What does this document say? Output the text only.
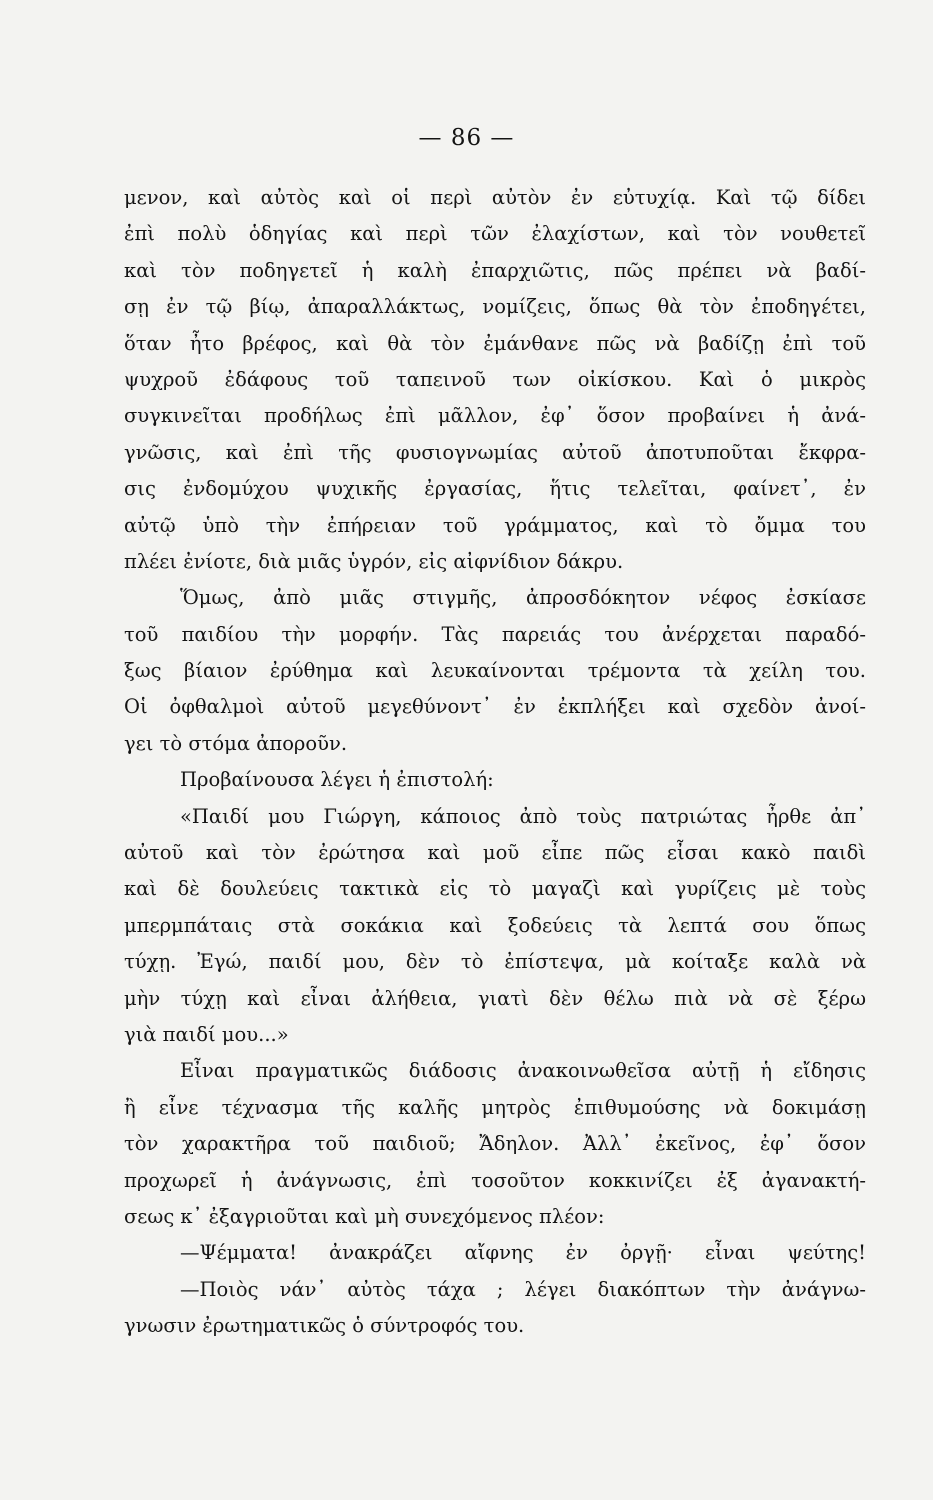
— 86 —
μενον, καὶ αὐτὸς καὶ οἱ περὶ αὐτὸν ἐν εὐτυχίᾳ. Καὶ τῷ δίδει
ἐπὶ πολὺ ὁδηγίας καὶ περὶ τῶν ἐλαχίστων, καὶ τὸν νουθετεῖ
καὶ τὸν ποδηγετεῖ ἡ καλὴ ἐπαρχιῶτις, πῶς πρέπει νὰ βαδί-
σῃ ἐν τῷ βίῳ, ἀπαραλλάκτως, νομίζεις, ὅπως θὰ τὸν ἐποδηγέτει,
ὅταν ἦτο βρέφος, καὶ θὰ τὸν ἐμάνθανε πῶς νὰ βαδίζῃ ἐπὶ τοῦ
ψυχροῦ ἐδάφους τοῦ ταπεινοῦ των οἰκίσκου. Καὶ ὁ μικρὸς
συγκινεῖται προδήλως ἐπὶ μᾶλλον, ἐφ᾽ ὅσον προβαίνει ἡ ἀνά-
γνῶσις, καὶ ἐπὶ τῆς φυσιογνωμίας αὐτοῦ ἀποτυποῦται ἔκφρα-
σις ἐνδομύχου ψυχικῆς ἐργασίας, ἥτις τελεῖται, φαίνετ᾽, ἐν
αὐτῷ ὑπὸ τὴν ἐπήρειαν τοῦ γράμματος, καὶ τὸ ὄμμα του
πλέει ἐνίοτε, διὰ μιᾶς ὑγρόν, εἰς αἰφνίδιον δάκρυ.
Ὅμως, ἀπὸ μιᾶς στιγμῆς, ἀπροσδόκητον νέφος ἐσκίασε
τοῦ παιδίου τὴν μορφήν. Τὰς παρειάς του ἀνέρχεται παραδό-
ξως βίαιον ἐρύθημα καὶ λευκαίνονται τρέμοντα τὰ χείλη του.
Οἱ ὀφθαλμοὶ αὐτοῦ μεγεθύνοντ᾽ ἐν ἐκπλήξει καὶ σχεδὸν ἀνοί-
γει τὸ στόμα ἀποροῦν.
Προβαίνουσα λέγει ἡ ἐπιστολή:
«Παιδί μου Γιώργη, κάποιος ἀπὸ τοὺς πατριώτας ἦρθε ἀπ᾽
αὐτοῦ καὶ τὸν ἐρώτησα καὶ μοῦ εἶπε πῶς εἶσαι κακὸ παιδὶ
καὶ δὲ δουλεύεις τακτικὰ εἰς τὸ μαγαζὶ καὶ γυρίζεις μὲ τοὺς
μπερμπάταις στὰ σοκάκια καὶ ξοδεύεις τὰ λεπτά σου ὅπως
τύχῃ. Ἐγώ, παιδί μου, δὲν τὸ ἐπίστεψα, μὰ κοίταξε καλὰ νὰ
μὴν τύχῃ καὶ εἶναι ἀλήθεια, γιατὶ δὲν θέλω πιὰ νὰ σὲ ξέρω
γιὰ παιδί μου...»
Εἶναι πραγματικῶς διάδοσις ἀνακοινωθεῖσα αὐτῇ ἡ εἴδησις
ἢ εἶνε τέχνασμα τῆς καλῆς μητρὸς ἐπιθυμούσης νὰ δοκιμάσῃ
τὸν χαρακτῆρα τοῦ παιδιοῦ; Ἄδηλον. Ἀλλ᾽ ἐκεῖνος, ἐφ᾽ ὅσον
προχωρεῖ ἡ ἀνάγνωσις, ἐπὶ τοσοῦτον κοκκινίζει ἐξ ἀγανακτή-
σεως κ᾽ ἐξαγριοῦται καὶ μὴ συνεχόμενος πλέον:
—Ψέμματα! ἀνακράζει αἴφνης ἐν ὀργῇ· εἶναι ψεύτης!
—Ποιὸς νάν᾽ αὐτὸς τάχα ; λέγει διακόπτων τὴν ἀνάγνω-
γνωσιν ἐρωτηματικῶς ὁ σύντροφός του.
